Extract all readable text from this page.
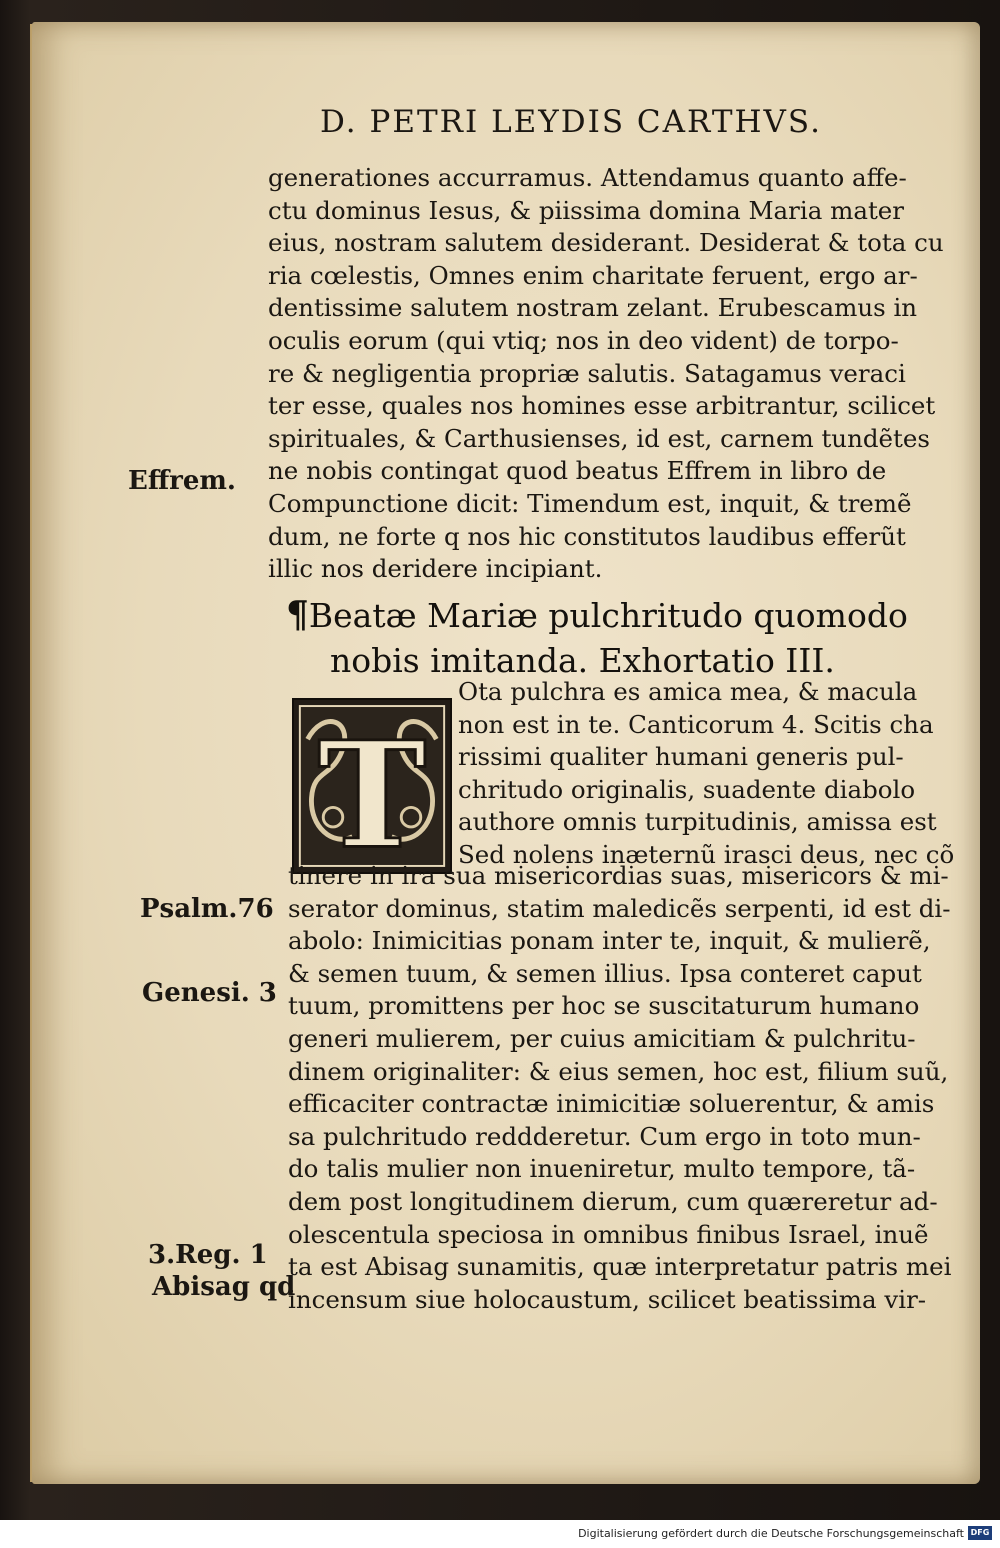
D. PETRI LEYDIS CARTHVS.
generationes accurramus. Attendamus quanto affe-
ctu dominus Iesus, & piissima domina Maria mater
eius, nostram salutem desiderant. Desiderat & tota cu
ria cœlestis, Omnes enim charitate feruent, ergo ar-
dentissime salutem nostram zelant. Erubescamus in
oculis eorum (qui vtiq; nos in deo vident) de torpo-
re & negligentia propriæ salutis. Satagamus veraci
ter esse, quales nos homines esse arbitrantur, scilicet
spirituales, & Carthusienses, id est, carnem tundẽtes
ne nobis contingat quod beatus Effrem in libro de
Compunctione dicit: Timendum est, inquit, & tremẽ
dum, ne forte q nos hic constitutos laudibus efferũt
illic nos deridere incipiant.
¶Beatæ Mariæ pulchritudo quomodo
nobis imitanda. Exhortatio III.
T
Ota pulchra es amica mea, & macula
non est in te. Canticorum 4. Scitis cha
rissimi qualiter humani generis pul-
chritudo originalis, suadente diabolo
authore omnis turpitudinis, amissa est
Sed nolens inæternũ irasci deus, nec cõ
tinere in ira sua misericordias suas, misericors & mi-
serator dominus, statim maledicẽs serpenti, id est di-
abolo: Inimicitias ponam inter te, inquit, & mulierẽ,
& semen tuum, & semen illius. Ipsa conteret caput
tuum, promittens per hoc se suscitaturum humano
generi mulierem, per cuius amicitiam & pulchritu-
dinem originaliter: & eius semen, hoc est, filium suũ,
efficaciter contractæ inimicitiæ soluerentur, & amis
sa pulchritudo reddderetur. Cum ergo in toto mun-
do talis mulier non inueniretur, multo tempore, tã-
dem post longitudinem dierum, cum quæreretur ad-
olescentula speciosa in omnibus finibus Israel, inuẽ
ta est Abisag sunamitis, quæ interpretatur patris mei
incensum siue holocaustum, scilicet beatissima vir-
Effrem.
Psalm.76
Genesi. 3
3.Reg. 1
Abisag qd
Digitalisierung gefördert durch die Deutsche Forschungsgemeinschaft DFG
